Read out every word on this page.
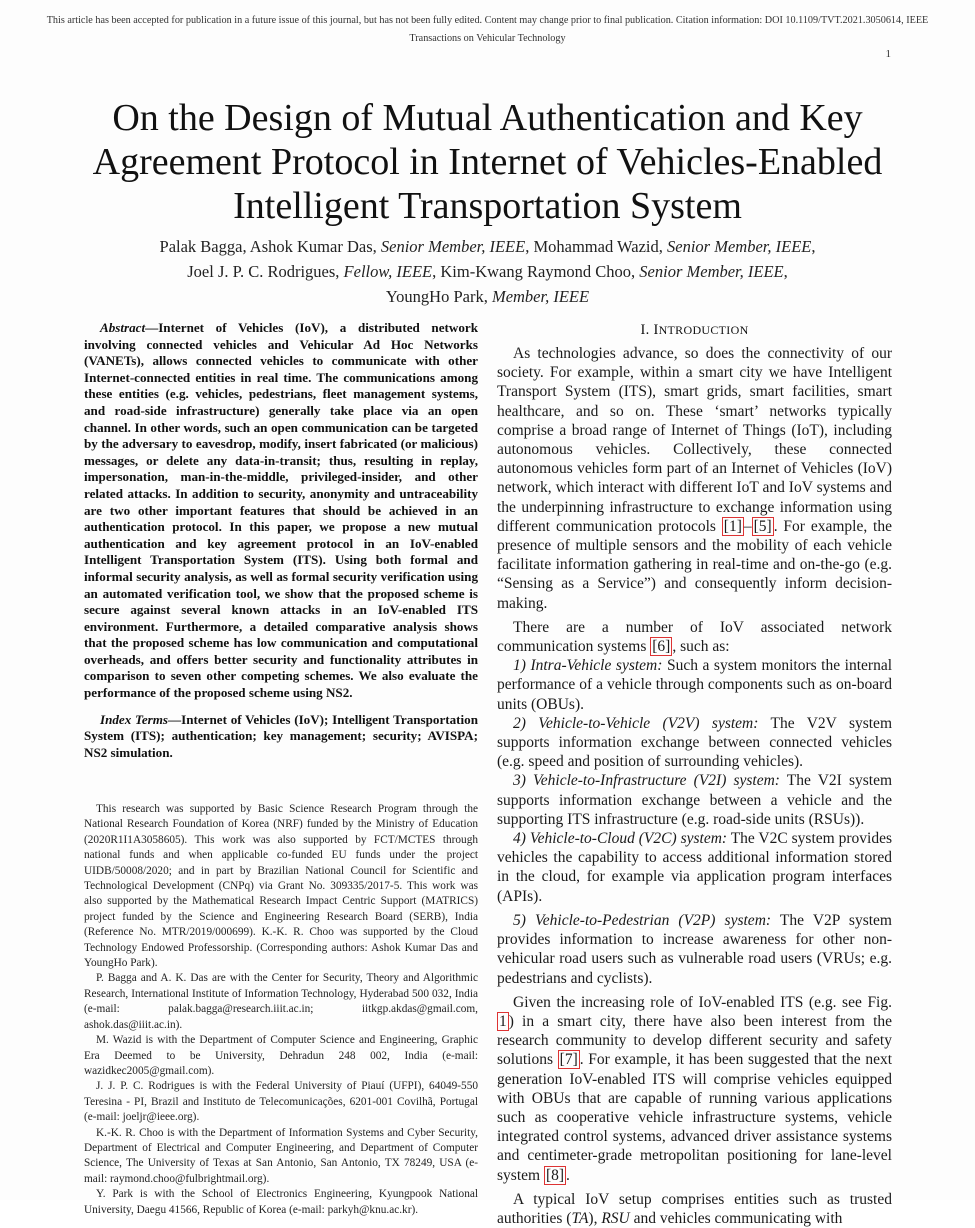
This article has been accepted for publication in a future issue of this journal, but has not been fully edited. Content may change prior to final publication. Citation information: DOI 10.1109/TVT.2021.3050614, IEEE
Transactions on Vehicular Technology
1
On the Design of Mutual Authentication and Key Agreement Protocol in Internet of Vehicles-Enabled Intelligent Transportation System
Palak Bagga, Ashok Kumar Das, Senior Member, IEEE, Mohammad Wazid, Senior Member, IEEE,
Joel J. P. C. Rodrigues, Fellow, IEEE, Kim-Kwang Raymond Choo, Senior Member, IEEE,
YoungHo Park, Member, IEEE

Abstract—Internet of Vehicles (IoV), a distributed network involving connected vehicles and Vehicular Ad Hoc Networks (VANETs), allows connected vehicles to communicate with other Internet-connected entities in real time. The communications among these entities (e.g. vehicles, pedestrians, fleet management systems, and road-side infrastructure) generally take place via an open channel. In other words, such an open communication can be targeted by the adversary to eavesdrop, modify, insert fabricated (or malicious) messages, or delete any data-in-transit; thus, resulting in replay, impersonation, man-in-the-middle, privileged-insider, and other related attacks. In addition to security, anonymity and untraceability are two other important features that should be achieved in an authentication protocol. In this paper, we propose a new mutual authentication and key agreement protocol in an IoV-enabled Intelligent Transportation System (ITS). Using both formal and informal security analysis, as well as formal security verification using an automated verification tool, we show that the proposed scheme is secure against several known attacks in an IoV-enabled ITS environment. Furthermore, a detailed comparative analysis shows that the proposed scheme has low communication and computational overheads, and offers better security and functionality attributes in comparison to seven other competing schemes. We also evaluate the performance of the proposed scheme using NS2.

Index Terms—Internet of Vehicles (IoV); Intelligent Transportation System (ITS); authentication; key management; security; AVISPA; NS2 simulation.

This research was supported by Basic Science Research Program through the National Research Foundation of Korea (NRF) funded by the Ministry of Education (2020R1I1A3058605). This work was also supported by FCT/MCTES through national funds and when applicable co-funded EU funds under the project UIDB/50008/2020; and in part by Brazilian National Council for Scientific and Technological Development (CNPq) via Grant No. 309335/2017-5. This work was also supported by the Mathematical Research Impact Centric Support (MATRICS) project funded by the Science and Engineering Research Board (SERB), India (Reference No. MTR/2019/000699). K.-K. R. Choo was supported by the Cloud Technology Endowed Professorship. (Corresponding authors: Ashok Kumar Das and YoungHo Park).

P. Bagga and A. K. Das are with the Center for Security, Theory and Algorithmic Research, International Institute of Information Technology, Hyderabad 500 032, India (e-mail: palak.bagga@research.iiit.ac.in; iitkgp.akdas@gmail.com, ashok.das@iiit.ac.in).

M. Wazid is with the Department of Computer Science and Engineering, Graphic Era Deemed to be University, Dehradun 248 002, India (e-mail: wazidkec2005@gmail.com).

J. J. P. C. Rodrigues is with the Federal University of Piauí (UFPI), 64049-550 Teresina - PI, Brazil and Instituto de Telecomunicações, 6201-001 Covilhã, Portugal (e-mail: joeljr@ieee.org).

K.-K. R. Choo is with the Department of Information Systems and Cyber Security, Department of Electrical and Computer Engineering, and Department of Computer Science, The University of Texas at San Antonio, San Antonio, TX 78249, USA (e-mail: raymond.choo@fulbrightmail.org).

Y. Park is with the School of Electronics Engineering, Kyungpook National University, Daegu 41566, Republic of Korea (e-mail: parkyh@knu.ac.kr).

I. INTRODUCTION

As technologies advance, so does the connectivity of our society. For example, within a smart city we have Intelligent Transport System (ITS), smart grids, smart facilities, smart healthcare, and so on. These ‘smart’ networks typically comprise a broad range of Internet of Things (IoT), including autonomous vehicles. Collectively, these connected autonomous vehicles form part of an Internet of Vehicles (IoV) network, which interact with different IoT and IoV systems and the underpinning infrastructure to exchange information using different communication protocols [1] – [5] . For example, the presence of multiple sensors and the mobility of each vehicle facilitate information gathering in real-time and on-the-go (e.g. “Sensing as a Service”) and consequently inform decision-making.

There are a number of IoV associated network communication systems [6] , such as:

1) Intra-Vehicle system: Such a system monitors the internal performance of a vehicle through components such as on-board units (OBUs).

2) Vehicle-to-Vehicle (V2V) system: The V2V system supports information exchange between connected vehicles (e.g. speed and position of surrounding vehicles).

3) Vehicle-to-Infrastructure (V2I) system: The V2I system supports information exchange between a vehicle and the supporting ITS infrastructure (e.g. road-side units (RSUs)).

4) Vehicle-to-Cloud (V2C) system: The V2C system provides vehicles the capability to access additional information stored in the cloud, for example via application program interfaces (APIs).

5) Vehicle-to-Pedestrian (V2P) system: The V2P system provides information to increase awareness for other non-vehicular road users such as vulnerable road users (VRUs; e.g. pedestrians and cyclists).

Given the increasing role of IoV-enabled ITS (e.g. see Fig. 1 ) in a smart city, there have also been interest from the research community to develop different security and safety solutions [7] . For example, it has been suggested that the next generation IoV-enabled ITS will comprise vehicles equipped with OBUs that are capable of running various applications such as cooperative vehicle infrastructure systems, vehicle integrated control systems, advanced driver assistance systems and centimeter-grade metropolitan positioning for lane-level system [8] .

A typical IoV setup comprises entities such as trusted authorities (TA), RSU and vehicles communicating with
